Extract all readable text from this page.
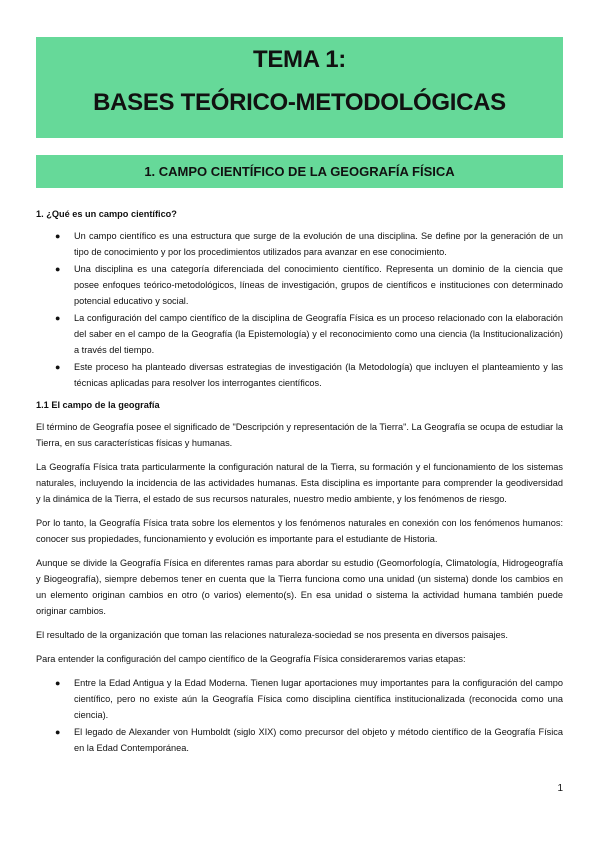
TEMA 1:
BASES TEÓRICO-METODOLÓGICAS
1. CAMPO CIENTÍFICO DE LA GEOGRAFÍA FÍSICA
1. ¿Qué es un campo científico?
● Un campo científico es una estructura que surge de la evolución de una disciplina. Se define por la generación de un tipo de conocimiento y por los procedimientos utilizados para avanzar en ese conocimiento.
● Una disciplina es una categoría diferenciada del conocimiento científico. Representa un dominio de la ciencia que posee enfoques teórico-metodológicos, líneas de investigación, grupos de científicos e instituciones con determinado potencial educativo y social.
● La configuración del campo científico de la disciplina de Geografía Física es un proceso relacionado con la elaboración del saber en el campo de la Geografía (la Epistemología) y el reconocimiento como una ciencia (la Institucionalización) a través del tiempo.
● Este proceso ha planteado diversas estrategias de investigación (la Metodología) que incluyen el planteamiento y las técnicas aplicadas para resolver los interrogantes científicos.
1.1 El campo de la geografía

El término de Geografía posee el significado de "Descripción y representación de la Tierra". La Geografía se ocupa de estudiar la Tierra, en sus características físicas y humanas.

La Geografía Física trata particularmente la configuración natural de la Tierra, su formación y el funcionamiento de los sistemas naturales, incluyendo la incidencia de las actividades humanas. Esta disciplina es importante para comprender la geodiversidad y la dinámica de la Tierra, el estado de sus recursos naturales, nuestro medio ambiente, y los fenómenos de riesgo.

Por lo tanto, la Geografía Física trata sobre los elementos y los fenómenos naturales en conexión con los fenómenos humanos: conocer sus propiedades, funcionamiento y evolución es importante para el estudiante de Historia.

Aunque se divide la Geografía Física en diferentes ramas para abordar su estudio (Geomorfología, Climatología, Hidrogeografía y Biogeografía), siempre debemos tener en cuenta que la Tierra funciona como una unidad (un sistema) donde los cambios en un elemento originan cambios en otro (o varios) elemento(s). En esa unidad o sistema la actividad humana también puede originar cambios.

El resultado de la organización que toman las relaciones naturaleza-sociedad se nos presenta en diversos paisajes.

Para entender la configuración del campo científico de la Geografía Física consideraremos varias etapas:

● Entre la Edad Antigua y la Edad Moderna. Tienen lugar aportaciones muy importantes para la configuración del campo científico, pero no existe aún la Geografía Física como disciplina científica institucionalizada (reconocida como una ciencia).
● El legado de Alexander von Humboldt (siglo XIX) como precursor del objeto y método científico de la Geografía Física en la Edad Contemporánea.
1
